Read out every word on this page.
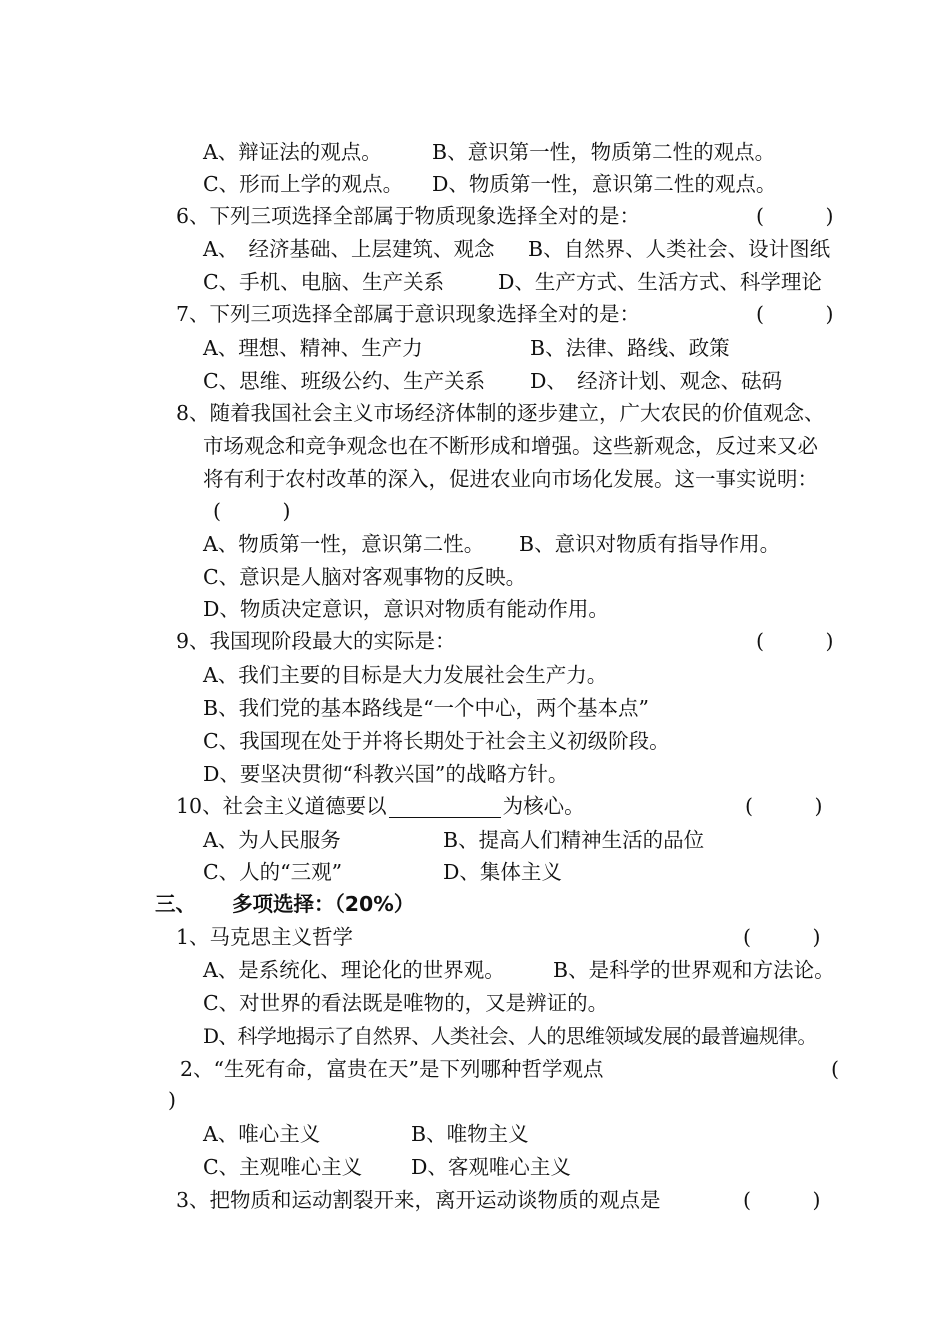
A、辩证法的观点。 B、意识第一性，物质第二性的观点。
C、形而上学的观点。 D、物质第一性，意识第二性的观点。
6、下列三项选择全部属于物质现象选择全对的是：	(　　　)
A、　经济基础、上层建筑、观念 B、自然界、人类社会、设计图纸
C、手机、电脑、生产关系	D、生产方式、生活方式、科学理论
7、下列三项选择全部属于意识现象选择全对的是：	(　　　)
A、理想、精神、生产力	B、法律、路线、政策
C、思维、班级公约、生产关系 D、　经济计划、观念、砝码
8、随着我国社会主义市场经济体制的逐步建立，广大农民的价值观念、
市场观念和竞争观念也在不断形成和增强。这些新观念，反过来又必
将有利于农村改革的深入，促进农业向市场化发展。这一事实说明：
(　　　)
A、物质第一性，意识第二性。 B、意识对物质有指导作用。
C、意识是人脑对客观事物的反映。
D、物质决定意识，意识对物质有能动作用。
9、我国现阶段最大的实际是：	(　　　)
A、我们主要的目标是大力发展社会生产力。
B、我们党的基本路线是“一个中心，两个基本点”
C、我国现在处于并将长期处于社会主义初级阶段。
D、要坚决贯彻“科教兴国”的战略方针。
10、社会主义道德要以	为核心。	(　　　)
A、为人民服务	B、提高人们精神生活的品位
C、人的“三观”	D、集体主义
三、 多项选择：（20%）
1、马克思主义哲学	(　　　)
A、是系统化、理论化的世界观。 B、是科学的世界观和方法论。
C、对世界的看法既是唯物的，又是辨证的。
D、科学地揭示了自然界、人类社会、人的思维领域发展的最普遍规律。
2、“生死有命，富贵在天”是下列哪种哲学观点	(
)
A、唯心主义	B、唯物主义
C、主观唯心主义 D、客观唯心主义
3、把物质和运动割裂开来，离开运动谈物质的观点是	(　　　)
